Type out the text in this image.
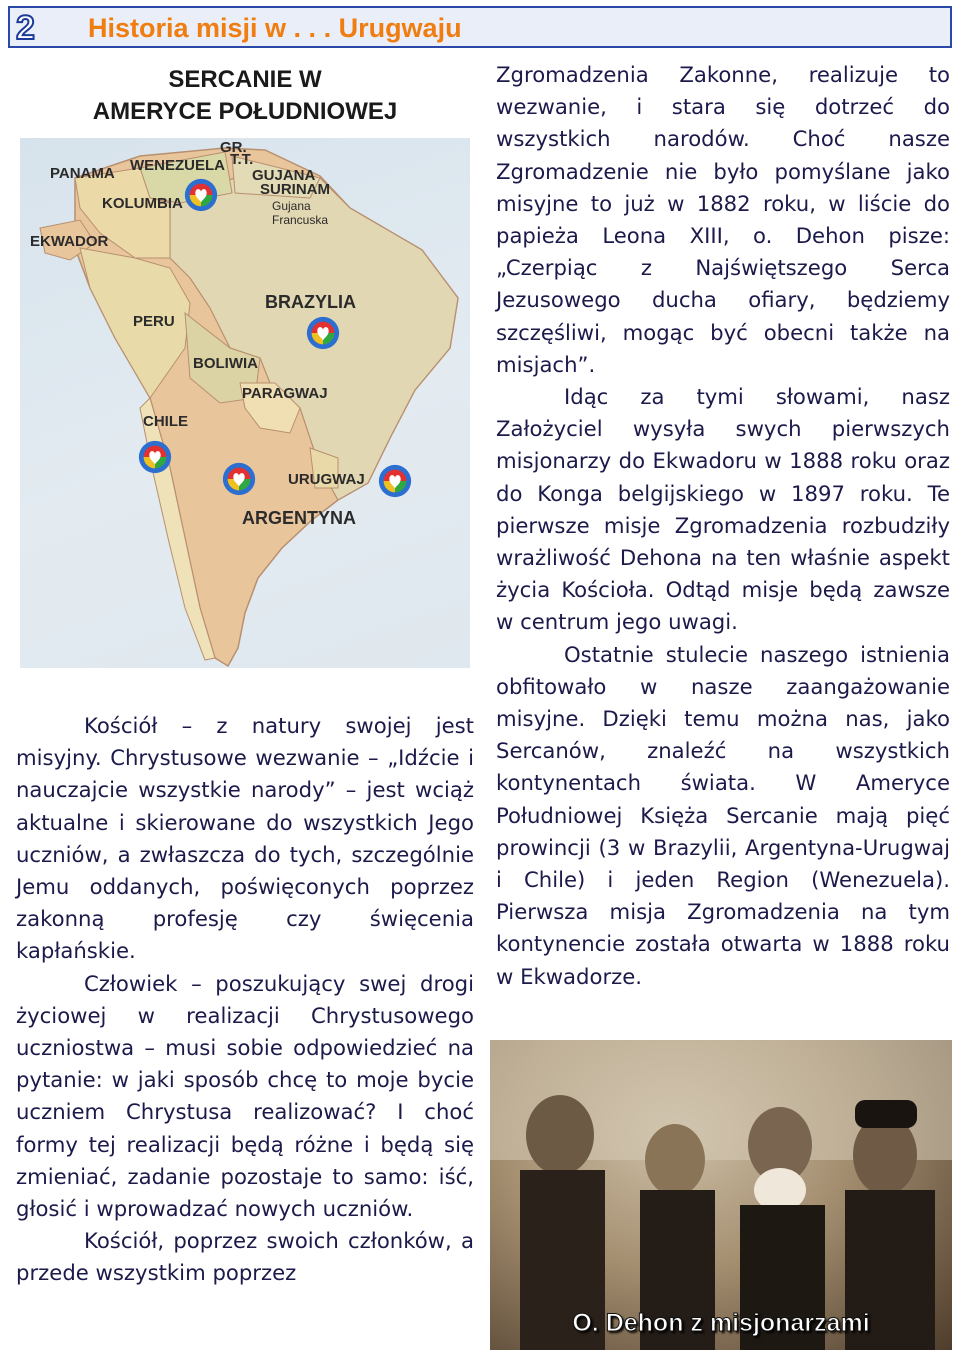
2 Historia misji w . . . Urugwaju
SERCANIE W
AMERYCE POŁUDNIOWEJ
PANAMA WENEZUELA
GR.
T.T.
GUJANA
SURINAM
Gujana
Francuska
KOLUMBIA
EKWADOR
PERU
BRAZYLIA
BOLIWIA
PARAGWAJ
CHILE
URUGWAJ
ARGENTYNA

Kościół – z natury swojej jest misyjny. Chrystusowe wezwanie – „Idźcie i nauczajcie wszystkie narody” – jest wciąż aktualne i skierowane do wszystkich Jego uczniów, a zwłaszcza do tych, szczególnie Jemu oddanych, poświęconych poprzez zakonną profesję czy święcenia kapłańskie.

Człowiek – poszukujący swej drogi życiowej w realizacji Chrystusowego uczniostwa – musi sobie odpowiedzieć na pytanie: w jaki sposób chcę to moje bycie uczniem Chrystusa realizować? I choć formy tej realizacji będą różne i będą się zmieniać, zadanie pozostaje to samo: iść, głosić i wprowadzać nowych uczniów.

Kościół, poprzez swoich członków, a przede wszystkim poprzez

Zgromadzenia Zakonne, realizuje to wezwanie, i stara się dotrzeć do wszystkich narodów. Choć nasze Zgromadzenie nie było pomyślane jako misyjne to już w 1882 roku, w liście do papieża Leona XIII, o. Dehon pisze: „Czerpiąc z Najświętszego Serca Jezusowego ducha ofiary, będziemy szczęśliwi, mogąc być obecni także na misjach”.

Idąc za tymi słowami, nasz Założyciel wysyła swych pierwszych misjonarzy do Ekwadoru w 1888 roku oraz do Konga belgijskiego w 1897 roku. Te pierwsze misje Zgromadzenia rozbudziły wrażliwość Dehona na ten właśnie aspekt życia Kościoła. Odtąd misje będą zawsze w centrum jego uwagi.

Ostatnie stulecie naszego istnienia obfitowało w nasze zaangażowanie misyjne. Dzięki temu można nas, jako Sercanów, znaleźć na wszystkich kontynentach świata. W Ameryce Południowej Księża Sercanie mają pięć prowincji (3 w Brazylii, Argentyna-Urugwaj i Chile) i jeden Region (Wenezuela). Pierwsza misja Zgromadzenia na tym kontynencie została otwarta w 1888 roku w Ekwadorze.

O. Dehon z misjonarzami
